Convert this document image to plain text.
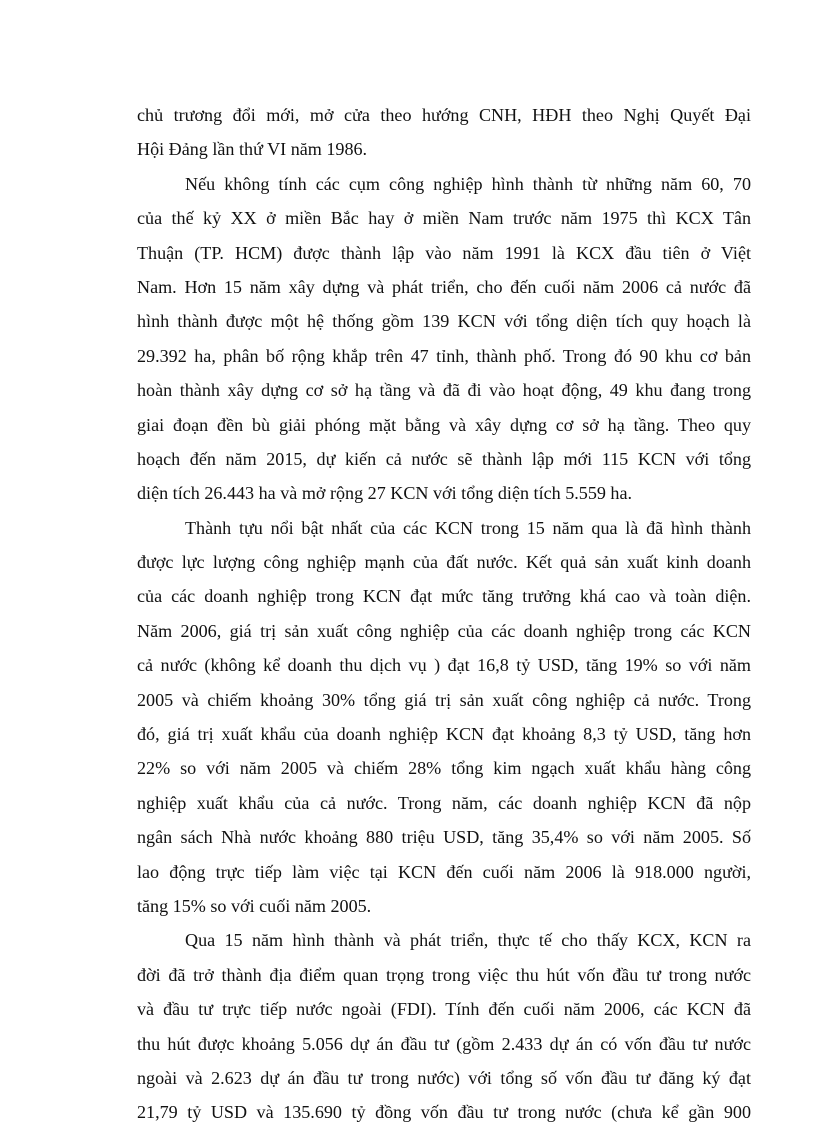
chủ trương đổi mới, mở cửa theo hướng CNH, HĐH theo Nghị Quyết Đại
Hội Đảng lần thứ VI năm 1986.
Nếu không tính các cụm công nghiệp hình thành từ những năm 60, 70
của thế kỷ XX ở miền Bắc hay ở miền Nam trước năm 1975 thì KCX Tân
Thuận (TP. HCM) được thành lập vào năm 1991 là KCX đầu tiên ở Việt
Nam. Hơn 15 năm xây dựng và phát triển, cho đến cuối năm 2006 cả nước đã
hình thành được một hệ thống gồm 139 KCN với tổng diện tích quy hoạch là
29.392 ha, phân bố rộng khắp trên 47 tỉnh, thành phố. Trong đó 90 khu cơ bản
hoàn thành xây dựng cơ sở hạ tầng và đã đi vào hoạt động, 49 khu đang trong
giai đoạn đền bù giải phóng mặt bằng và xây dựng cơ sở hạ tầng. Theo quy
hoạch đến năm 2015, dự kiến cả nước sẽ thành lập mới 115 KCN với tổng
diện tích 26.443 ha và mở rộng 27 KCN với tổng diện tích 5.559 ha.
Thành tựu nổi bật nhất của các KCN trong 15 năm qua là đã hình thành
được lực lượng công nghiệp mạnh của đất nước. Kết quả sản xuất kinh doanh
của các doanh nghiệp trong KCN đạt mức tăng trưởng khá cao và toàn diện.
Năm 2006, giá trị sản xuất công nghiệp của các doanh nghiệp trong các KCN
cả nước (không kể doanh thu dịch vụ ) đạt 16,8 tỷ USD, tăng 19% so với năm
2005 và chiếm khoảng 30% tổng giá trị sản xuất công nghiệp cả nước. Trong
đó, giá trị xuất khẩu của doanh nghiệp KCN đạt khoảng 8,3 tỷ USD, tăng hơn
22% so với năm 2005 và chiếm 28% tổng kim ngạch xuất khẩu hàng công
nghiệp xuất khẩu của cả nước. Trong năm, các doanh nghiệp KCN đã nộp
ngân sách Nhà nước khoảng 880 triệu USD, tăng 35,4% so với năm 2005. Số
lao động trực tiếp làm việc tại KCN đến cuối năm 2006 là 918.000 người,
tăng 15% so với cuối năm 2005.
Qua 15 năm hình thành và phát triển, thực tế cho thấy KCX, KCN ra
đời đã trở thành địa điểm quan trọng trong việc thu hút vốn đầu tư trong nước
và đầu tư trực tiếp nước ngoài (FDI). Tính đến cuối năm 2006, các KCN đã
thu hút được khoảng 5.056 dự án đầu tư (gồm 2.433 dự án có vốn đầu tư nước
ngoài và 2.623 dự án đầu tư trong nước) với tổng số vốn đầu tư đăng ký đạt
21,79 tỷ USD và 135.690 tỷ đồng vốn đầu tư trong nước (chưa kể gần 900
